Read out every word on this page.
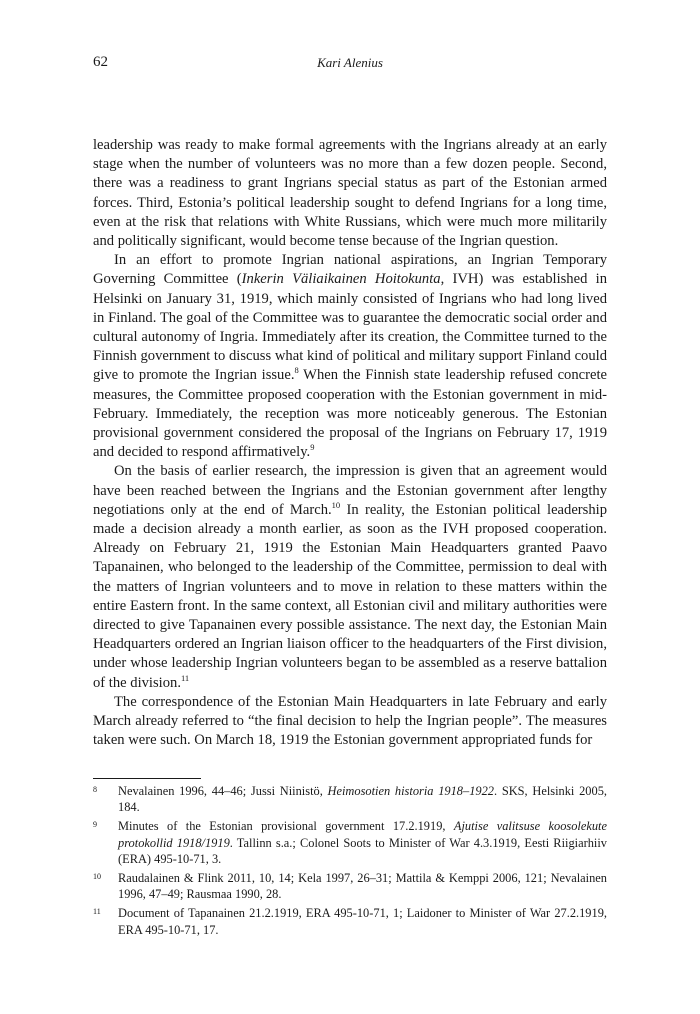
62	Kari Alenius

leadership was ready to make formal agreements with the Ingrians already at an early stage when the number of volunteers was no more than a few dozen people. Second, there was a readiness to grant Ingrians special status as part of the Estonian armed forces. Third, Estonia’s political leadership sought to defend Ingrians for a long time, even at the risk that relations with White Russians, which were much more militarily and politically significant, would become tense because of the Ingrian question.

In an effort to promote Ingrian national aspirations, an Ingrian Temporary Governing Committee (Inkerin Väliaikainen Hoitokunta, IVH) was established in Helsinki on January 31, 1919, which mainly consisted of Ingrians who had long lived in Finland. The goal of the Committee was to guarantee the democratic social order and cultural autonomy of Ingria. Immediately after its creation, the Committee turned to the Finnish government to discuss what kind of political and military support Finland could give to promote the Ingrian issue.$^8$ When the Finnish state leadership refused concrete measures, the Committee proposed cooperation with the Estonian government in mid-February. Immediately, the reception was more noticeably generous. The Estonian provisional government considered the proposal of the Ingrians on February 17, 1919 and decided to respond affirmatively.$^9$

On the basis of earlier research, the impression is given that an agreement would have been reached between the Ingrians and the Estonian government after lengthy negotiations only at the end of March.$^{10}$ In reality, the Estonian political leadership made a decision already a month earlier, as soon as the IVH proposed cooperation. Already on February 21, 1919 the Estonian Main Headquarters granted Paavo Tapanainen, who belonged to the leadership of the Committee, permission to deal with the matters of Ingrian volunteers and to move in relation to these matters within the entire Eastern front. In the same context, all Estonian civil and military authorities were directed to give Tapanainen every possible assistance. The next day, the Estonian Main Headquarters ordered an Ingrian liaison officer to the headquarters of the First division, under whose leadership Ingrian volunteers began to be assembled as a reserve battalion of the division.$^{11}$

The correspondence of the Estonian Main Headquarters in late February and early March already referred to “the final decision to help the Ingrian people”. The measures taken were such. On March 18, 1919 the Estonian government appropriated funds for

8 Nevalainen 1996, 44–46; Jussi Niinistö, Heimosotien historia 1918–1922. SKS, Helsinki 2005, 184.
9 Minutes of the Estonian provisional government 17.2.1919, Ajutise valitsuse koosolekute protokollid 1918/1919. Tallinn s.a.; Colonel Soots to Minister of War 4.3.1919, Eesti Riigiarhiiv (ERA) 495-10-71, 3.
10 Raudalainen & Flink 2011, 10, 14; Kela 1997, 26–31; Mattila & Kemppi 2006, 121; Nevalainen 1996, 47–49; Rausmaa 1990, 28.
11 Document of Tapanainen 21.2.1919, ERA 495-10-71, 1; Laidoner to Minister of War 27.2.1919, ERA 495-10-71, 17.
